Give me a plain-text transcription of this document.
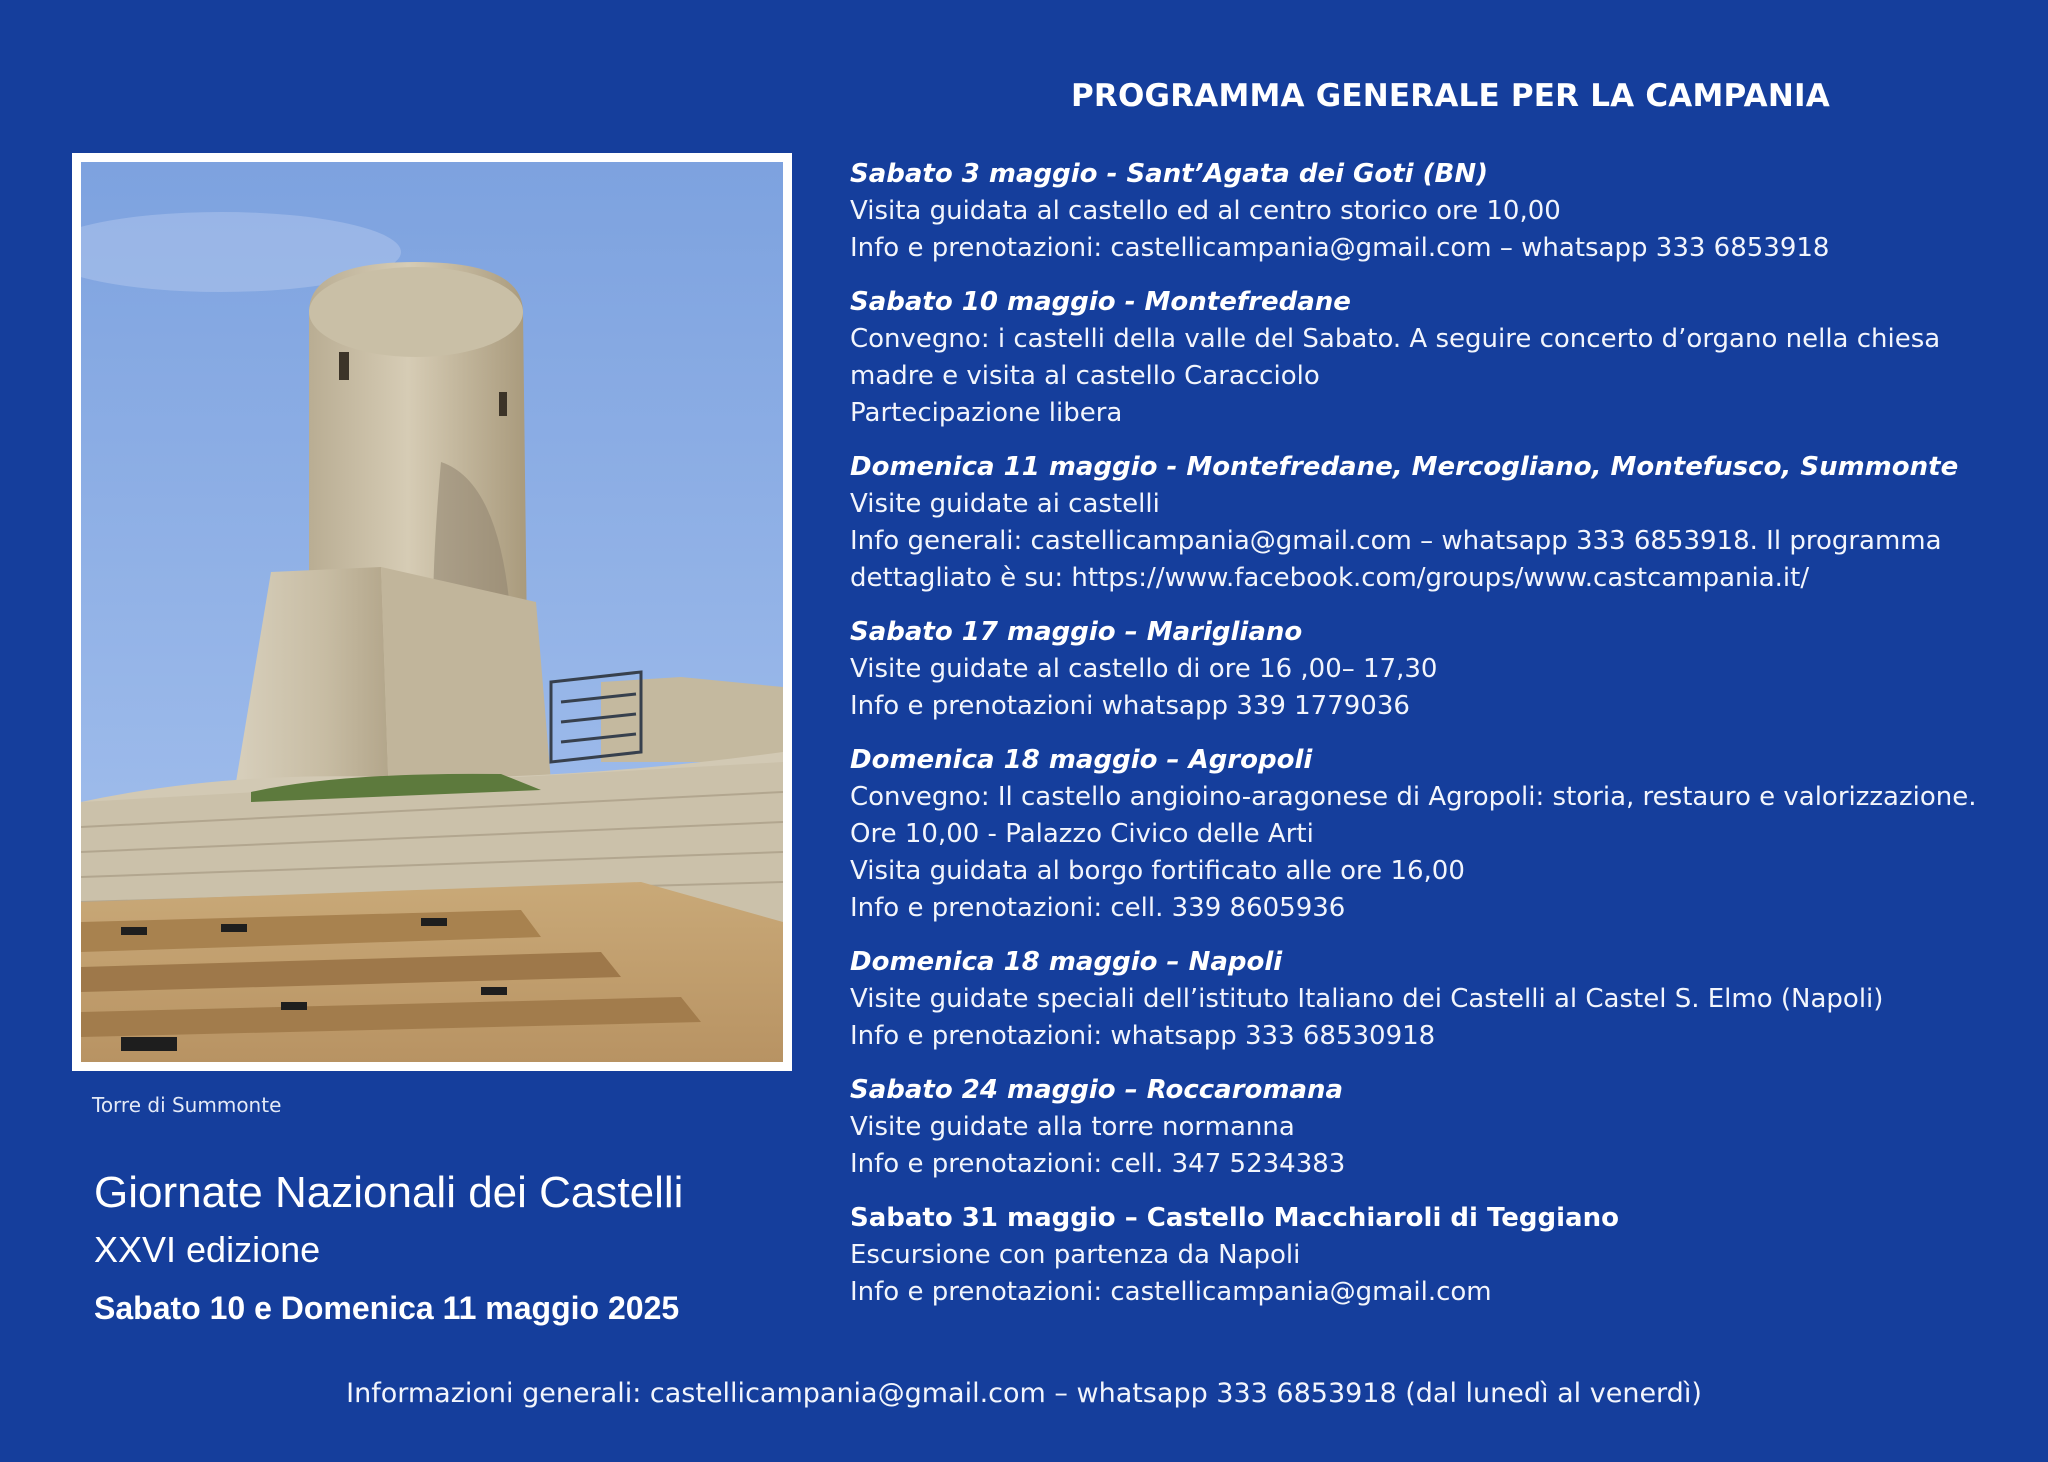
PROGRAMMA GENERALE PER LA CAMPANIA
Torre di Summonte
Giornate Nazionali dei Castelli
XXVI edizione
Sabato 10 e Domenica 11 maggio 2025
Sabato 3 maggio - Sant’Agata dei Goti (BN)
Visita guidata al castello ed al centro storico ore 10,00
Info e prenotazioni: castellicampania@gmail.com – whatsapp 333 6853918
Sabato 10 maggio - Montefredane
Convegno: i castelli della valle del Sabato. A seguire concerto d’organo nella chiesa
madre e visita al castello Caracciolo
Partecipazione libera
Domenica 11 maggio - Montefredane, Mercogliano, Montefusco, Summonte
Visite guidate ai castelli
Info generali: castellicampania@gmail.com – whatsapp 333 6853918. Il programma
dettagliato è su: https://www.facebook.com/groups/www.castcampania.it/
Sabato 17 maggio – Marigliano
Visite guidate al castello di ore 16 ,00– 17,30
Info e prenotazioni whatsapp 339 1779036
Domenica 18 maggio – Agropoli
Convegno: Il castello angioino-aragonese di Agropoli: storia, restauro e valorizzazione.
Ore 10,00 - Palazzo Civico delle Arti
Visita guidata al borgo fortificato alle ore 16,00
Info e prenotazioni: cell. 339 8605936
Domenica 18 maggio – Napoli
Visite guidate speciali dell’istituto Italiano dei Castelli al Castel S. Elmo (Napoli)
Info e prenotazioni: whatsapp 333 68530918
Sabato 24 maggio – Roccaromana
Visite guidate alla torre normanna
Info e prenotazioni: cell. 347 5234383
Sabato 31 maggio – Castello Macchiaroli di Teggiano
Escursione con partenza da Napoli
Info e prenotazioni: castellicampania@gmail.com
Informazioni generali: castellicampania@gmail.com – whatsapp 333 6853918 (dal lunedì al venerdì)
